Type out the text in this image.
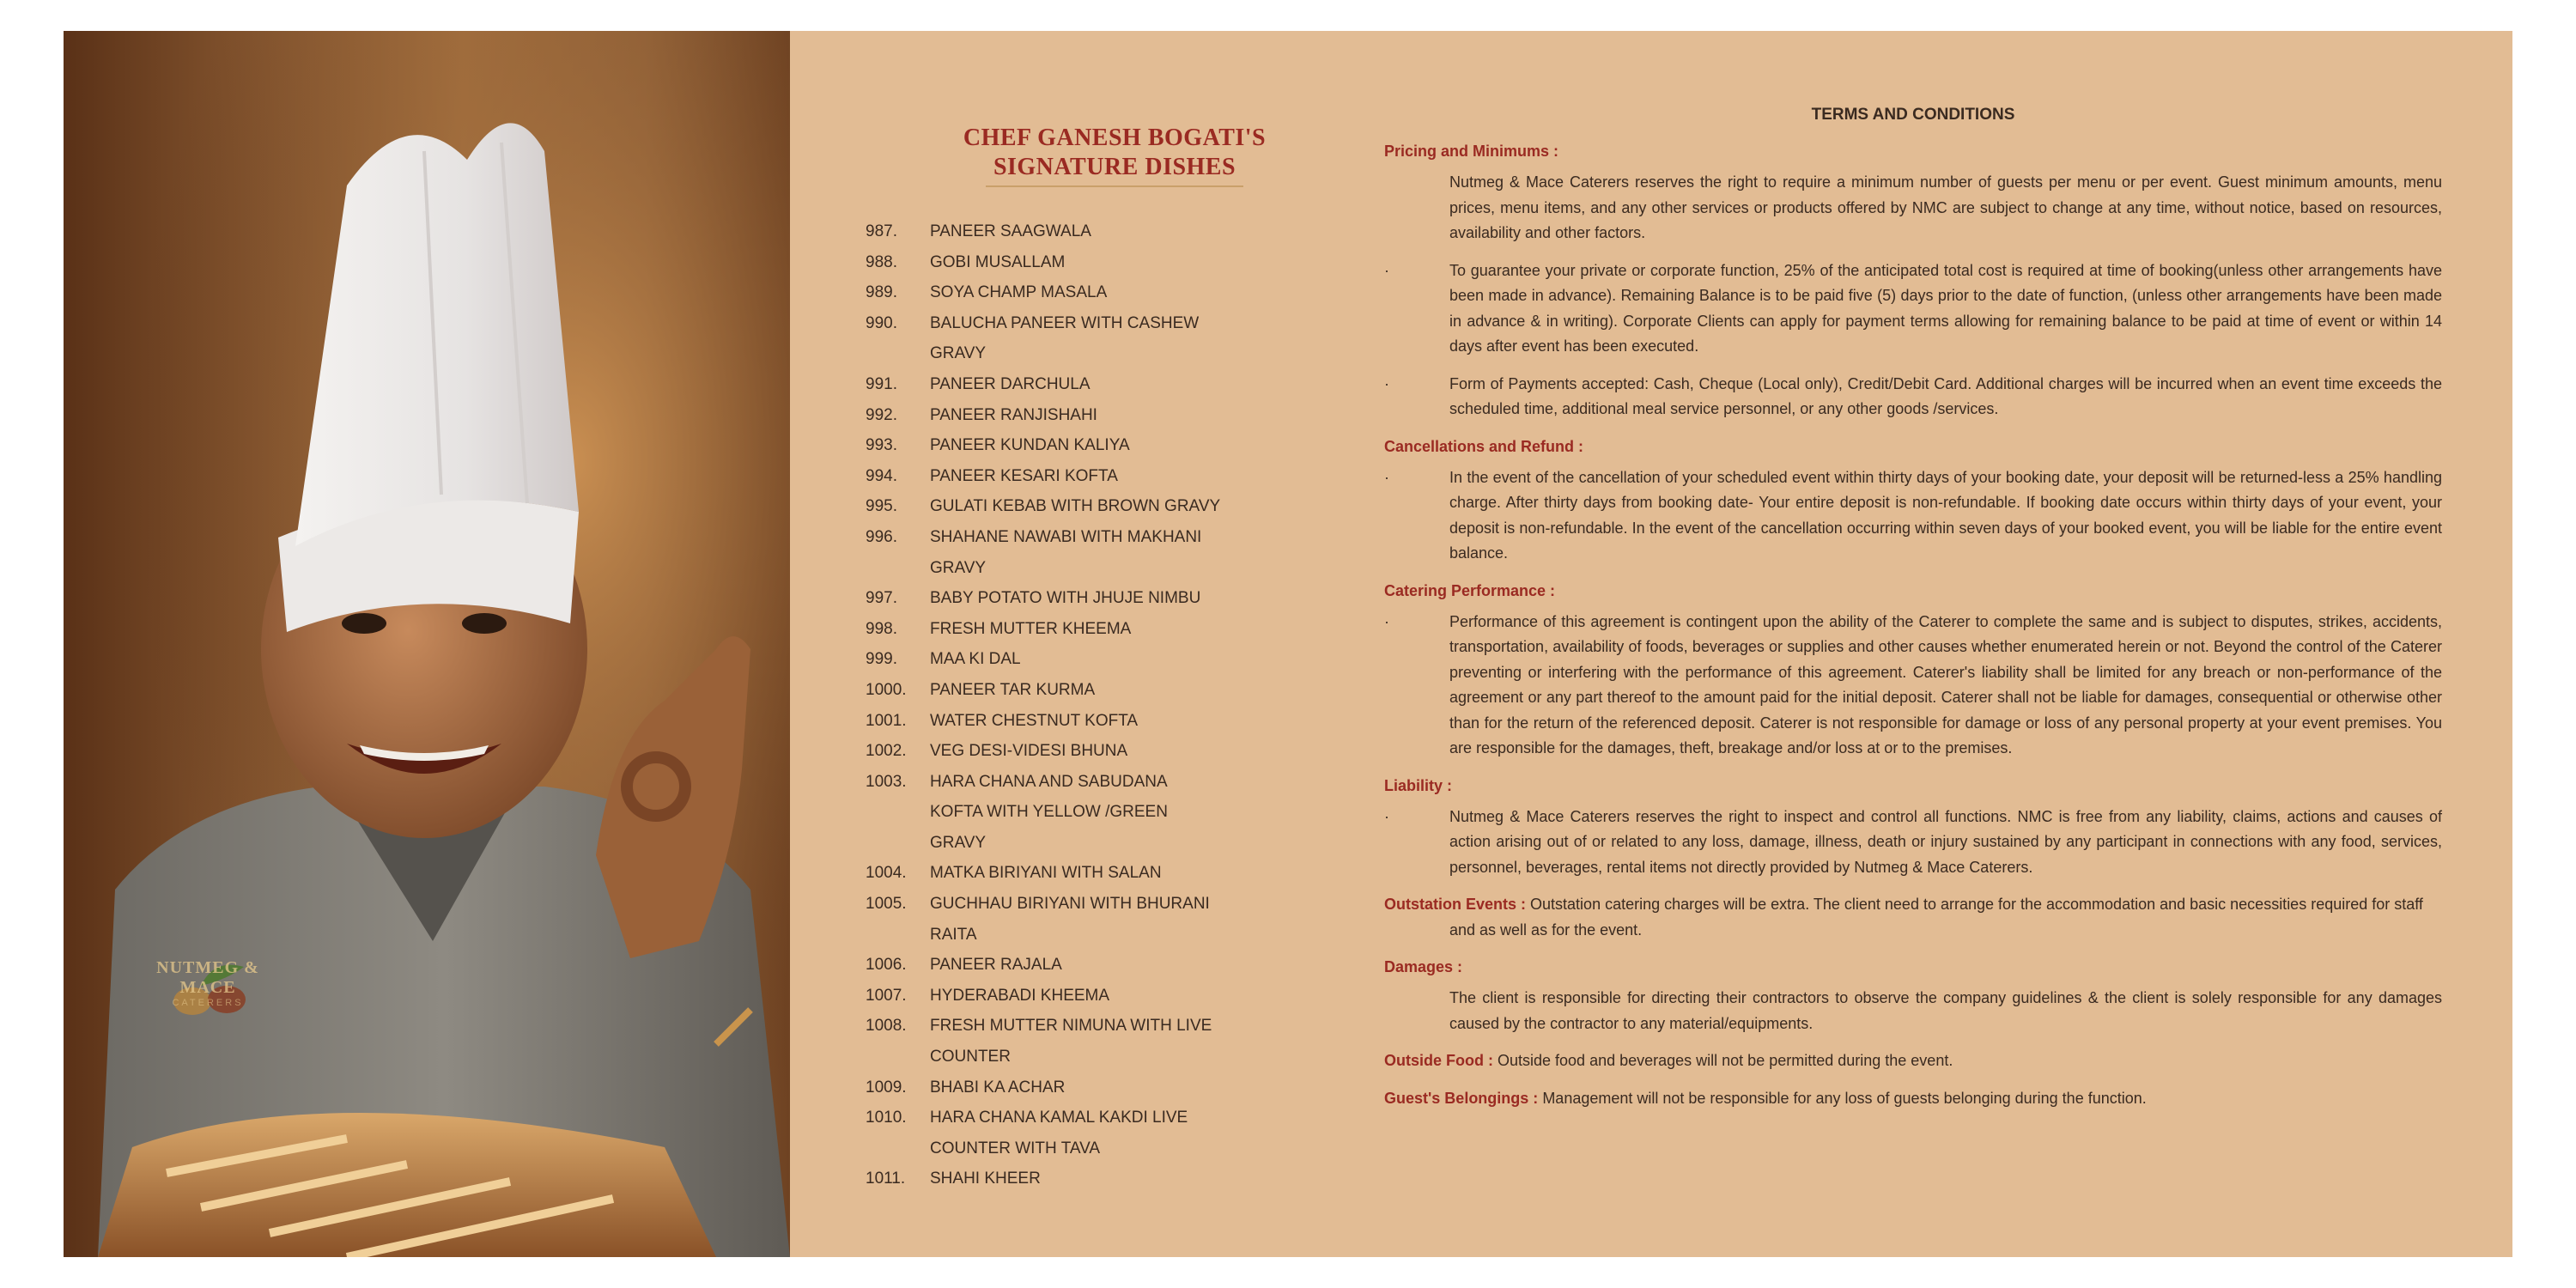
NUTMEG & MACE
CATERERS
CHEF GANESH BOGATI'S SIGNATURE DISHES
987.	PANEER SAAGWALA
988.	GOBI MUSALLAM
989.	SOYA CHAMP MASALA
990.	BALUCHA PANEER WITH CASHEW GRAVY
991.	PANEER DARCHULA
992.	PANEER RANJISHAHI
993.	PANEER KUNDAN KALIYA
994.	PANEER KESARI KOFTA
995.	GULATI KEBAB WITH BROWN GRAVY
996.	SHAHANE NAWABI WITH MAKHANI GRAVY
997.	BABY POTATO WITH JHUJE NIMBU
998.	FRESH MUTTER KHEEMA
999.	MAA KI DAL
1000.	PANEER TAR KURMA
1001.	WATER CHESTNUT KOFTA
1002.	VEG DESI-VIDESI BHUNA
1003.	HARA CHANA AND SABUDANA KOFTA WITH YELLOW /GREEN GRAVY
1004.	MATKA BIRIYANI WITH SALAN
1005.	GUCHHAU BIRIYANI WITH BHURANI RAITA
1006.	PANEER RAJALA
1007.	HYDERABADI KHEEMA
1008.	FRESH MUTTER NIMUNA WITH LIVE COUNTER
1009.	BHABI KA ACHAR
1010.	HARA CHANA KAMAL KAKDI LIVE COUNTER WITH TAVA
1011.	SHAHI KHEER
TERMS AND CONDITIONS
Pricing and Minimums :
Nutmeg & Mace Caterers reserves the right to require a minimum number of guests per menu or per event. Guest minimum amounts, menu prices, menu items, and any other services or products offered by NMC are subject to change at any time, without notice, based on resources, availability and other factors.
·	To guarantee your private or corporate function, 25% of the anticipated total cost is required at time of booking(unless other arrangements have been made in advance). Remaining Balance is to be paid five (5) days prior to the date of function, (unless other arrangements have been made in advance & in writing). Corporate Clients can apply for payment terms allowing for remaining balance to be paid at time of event or within 14 days after event has been executed.
·	Form of Payments accepted: Cash, Cheque (Local only), Credit/Debit Card. Additional charges will be incurred when an event time exceeds the scheduled time, additional meal service personnel, or any other goods /services.
Cancellations and Refund :
·	In the event of the cancellation of your scheduled event within thirty days of your booking date, your deposit will be returned-less a 25% handling charge. After thirty days from booking date- Your entire deposit is non-refundable. If booking date occurs within thirty days of your event, your deposit is non-refundable. In the event of the cancellation occurring within seven days of your booked event, you will be liable for the entire event balance.
Catering Performance :
·	Performance of this agreement is contingent upon the ability of the Caterer to complete the same and is subject to disputes, strikes, accidents, transportation, availability of foods, beverages or supplies and other causes whether enumerated herein or not. Beyond the control of the Caterer preventing or interfering with the performance of this agreement. Caterer's liability shall be limited for any breach or non-performance of the agreement or any part thereof to the amount paid for the initial deposit. Caterer shall not be liable for damages, consequential or otherwise other than for the return of the referenced deposit. Caterer is not responsible for damage or loss of any personal property at your event premises. You are responsible for the damages, theft, breakage and/or loss at or to the premises.
Liability :
·	Nutmeg & Mace Caterers reserves the right to inspect and control all functions. NMC is free from any liability, claims, actions and causes of action arising out of or related to any loss, damage, illness, death or injury sustained by any participant in connections with any food, services, personnel, beverages, rental items not directly provided by Nutmeg & Mace Caterers.
Outstation Events : Outstation catering charges will be extra. The client need to arrange for the accommodation and basic necessities required for staff and as well as for the event.
Damages :
The client is responsible for directing their contractors to observe the company guidelines & the client is solely responsible for any damages caused by the contractor to any material/equipments.
Outside Food : Outside food and beverages will not be permitted during the event.
Guest's Belongings : Management will not be responsible for any loss of guests belonging during the function.
